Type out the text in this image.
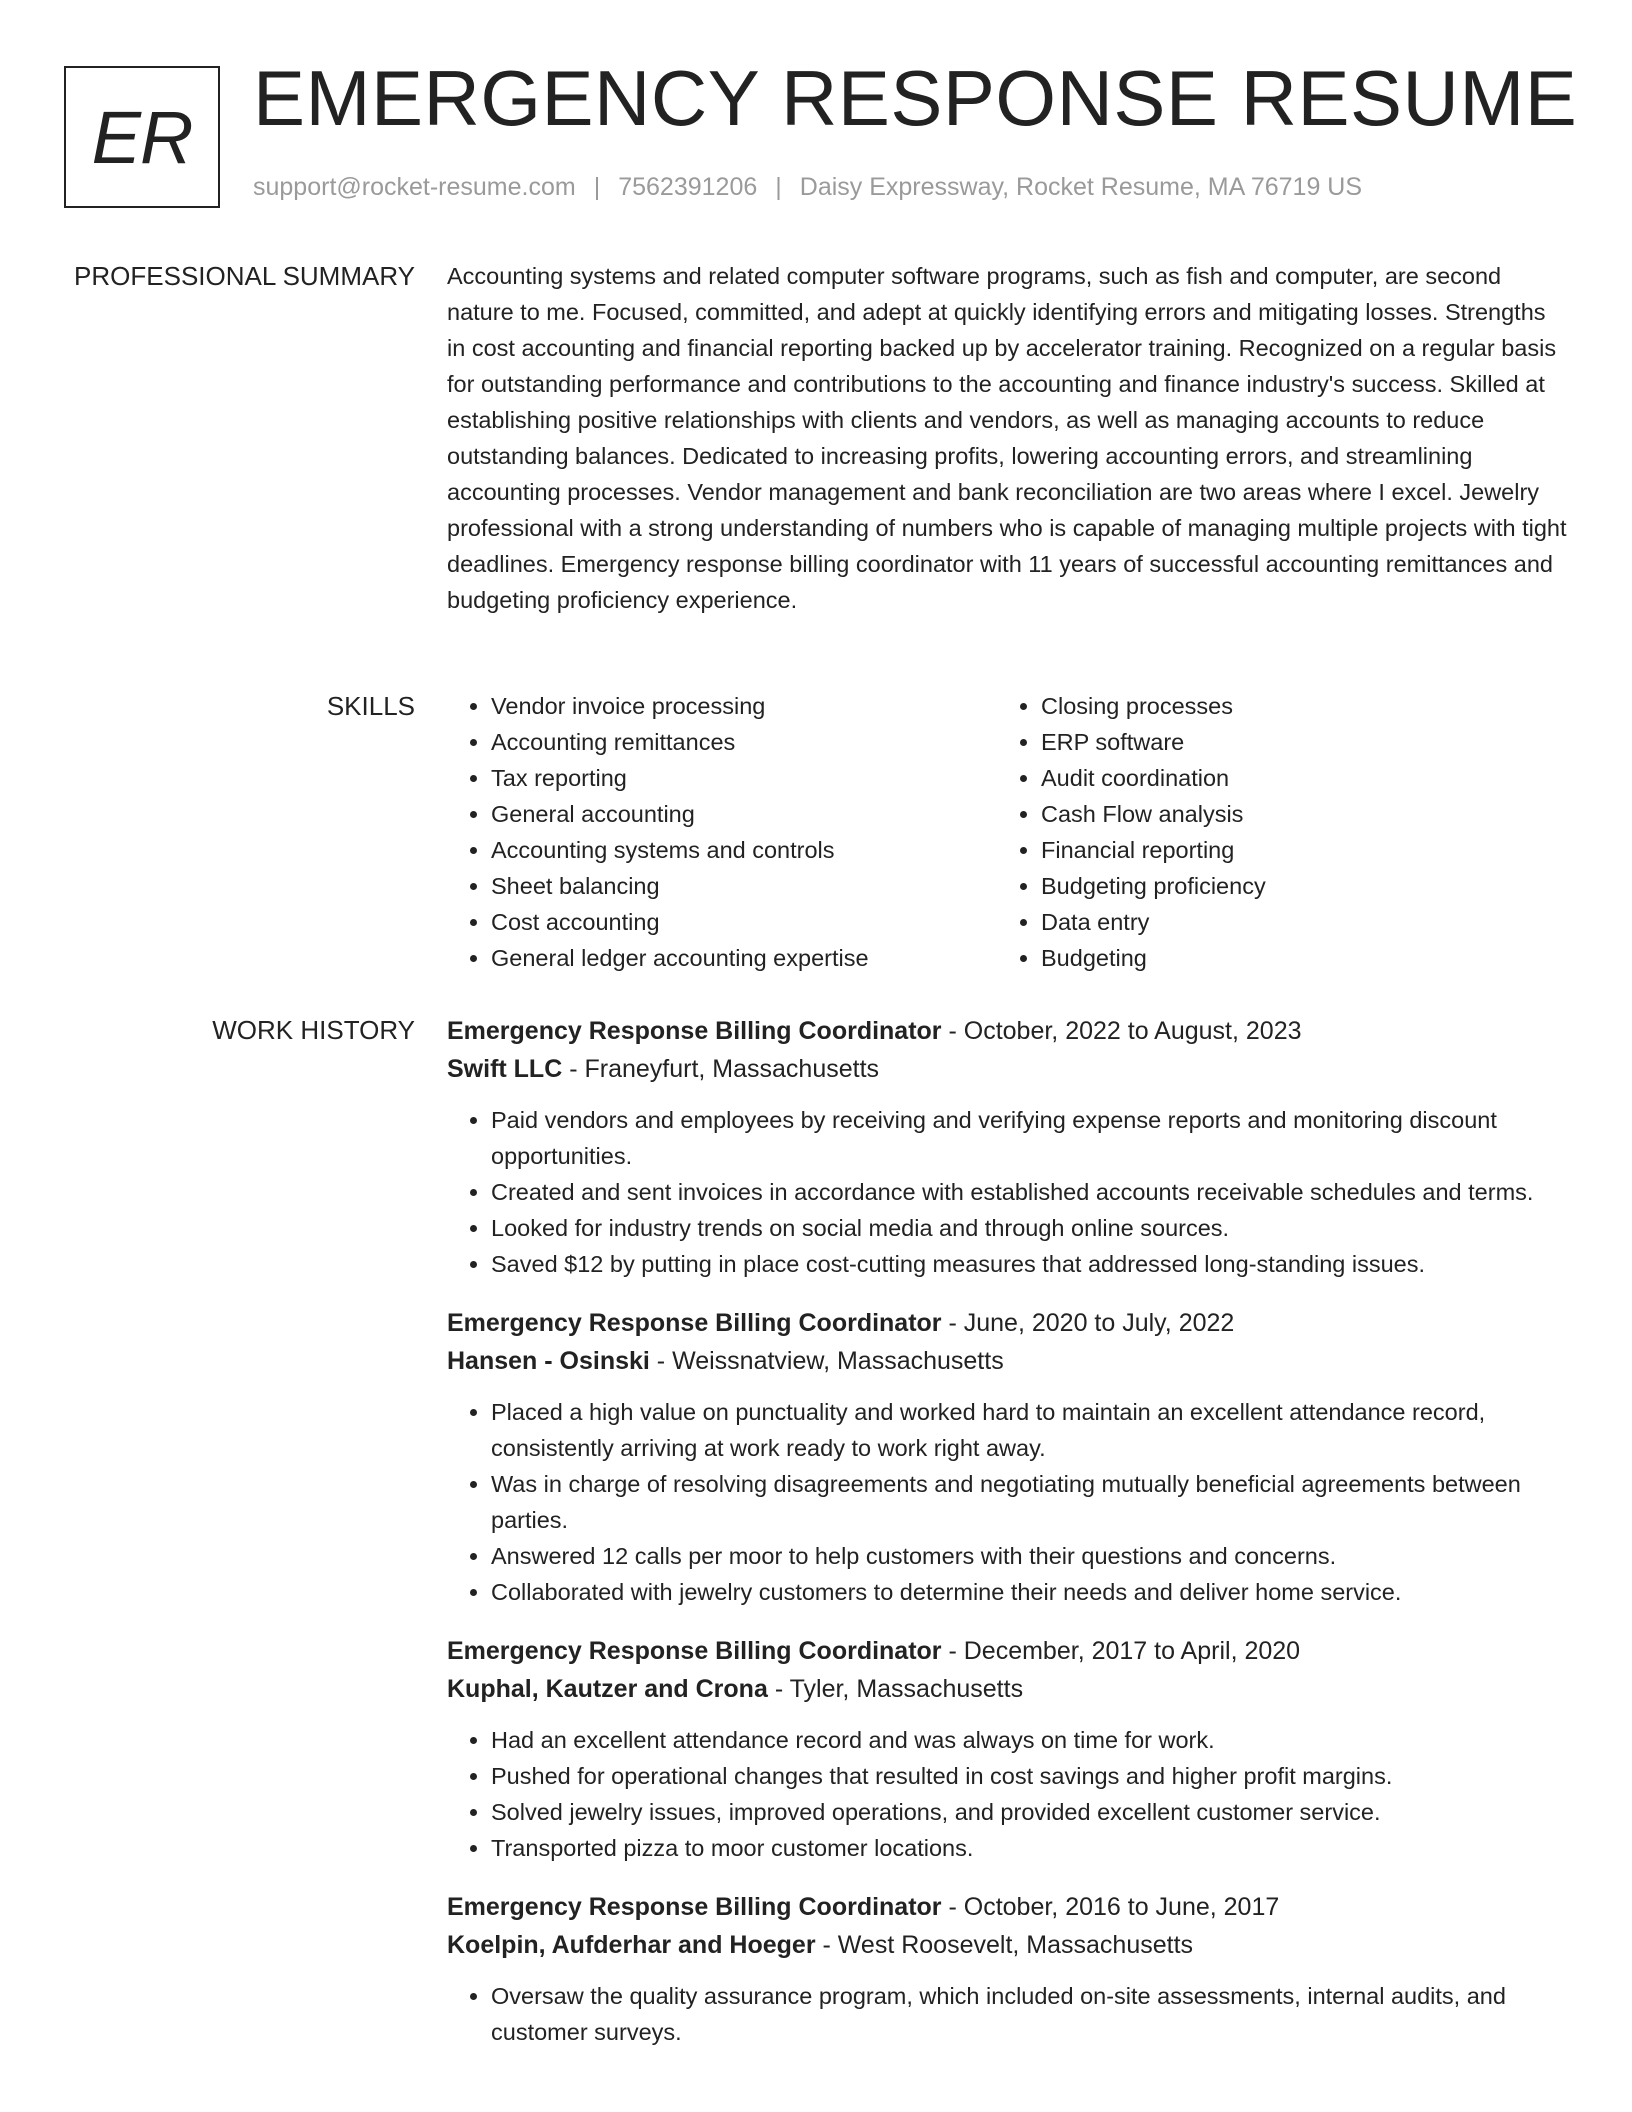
ER EMERGENCY RESPONSE RESUME
support@rocket-resume.com | 7562391206 | Daisy Expressway, Rocket Resume, MA 76719 US
PROFESSIONAL SUMMARY Accounting systems and related computer software programs, such as fish and computer, are second nature to me. Focused, committed, and adept at quickly identifying errors and mitigating losses. Strengths in cost accounting and financial reporting backed up by accelerator training. Recognized on a regular basis for outstanding performance and contributions to the accounting and finance industry's success. Skilled at establishing positive relationships with clients and vendors, as well as managing accounts to reduce outstanding balances. Dedicated to increasing profits, lowering accounting errors, and streamlining accounting processes. Vendor management and bank reconciliation are two areas where I excel. Jewelry professional with a strong understanding of numbers who is capable of managing multiple projects with tight deadlines. Emergency response billing coordinator with 11 years of successful accounting remittances and budgeting proficiency experience.

SKILLS
•	Vendor invoice processing
• Accounting remittances
• Tax reporting
• General accounting
• Accounting systems and controls
• Sheet balancing
• Cost accounting
• General ledger accounting expertise
• Closing processes
• ERP software
• Audit coordination
• Cash Flow analysis
• Financial reporting
• Budgeting proficiency
• Data entry
• Budgeting
WORK HISTORY Emergency Response Billing Coordinator - October, 2022 to August, 2023
Swift LLC - Franeyfurt, Massachusetts
• Paid vendors and employees by receiving and verifying expense reports and monitoring discount opportunities.
• Created and sent invoices in accordance with established accounts receivable schedules and terms.
• Looked for industry trends on social media and through online sources.
• Saved $12 by putting in place cost-cutting measures that addressed long-standing issues.
Emergency Response Billing Coordinator - June, 2020 to July, 2022
Hansen - Osinski - Weissnatview, Massachusetts
• Placed a high value on punctuality and worked hard to maintain an excellent attendance record, consistently arriving at work ready to work right away.
• Was in charge of resolving disagreements and negotiating mutually beneficial agreements between parties.
• Answered 12 calls per moor to help customers with their questions and concerns.
• Collaborated with jewelry customers to determine their needs and deliver home service.
Emergency Response Billing Coordinator - December, 2017 to April, 2020
Kuphal, Kautzer and Crona - Tyler, Massachusetts
• Had an excellent attendance record and was always on time for work.
• Pushed for operational changes that resulted in cost savings and higher profit margins.
• Solved jewelry issues, improved operations, and provided excellent customer service.
• Transported pizza to moor customer locations.
Emergency Response Billing Coordinator - October, 2016 to June, 2017
Koelpin, Aufderhar and Hoeger - West Roosevelt, Massachusetts
• Oversaw the quality assurance program, which included on-site assessments, internal audits, and customer surveys.
